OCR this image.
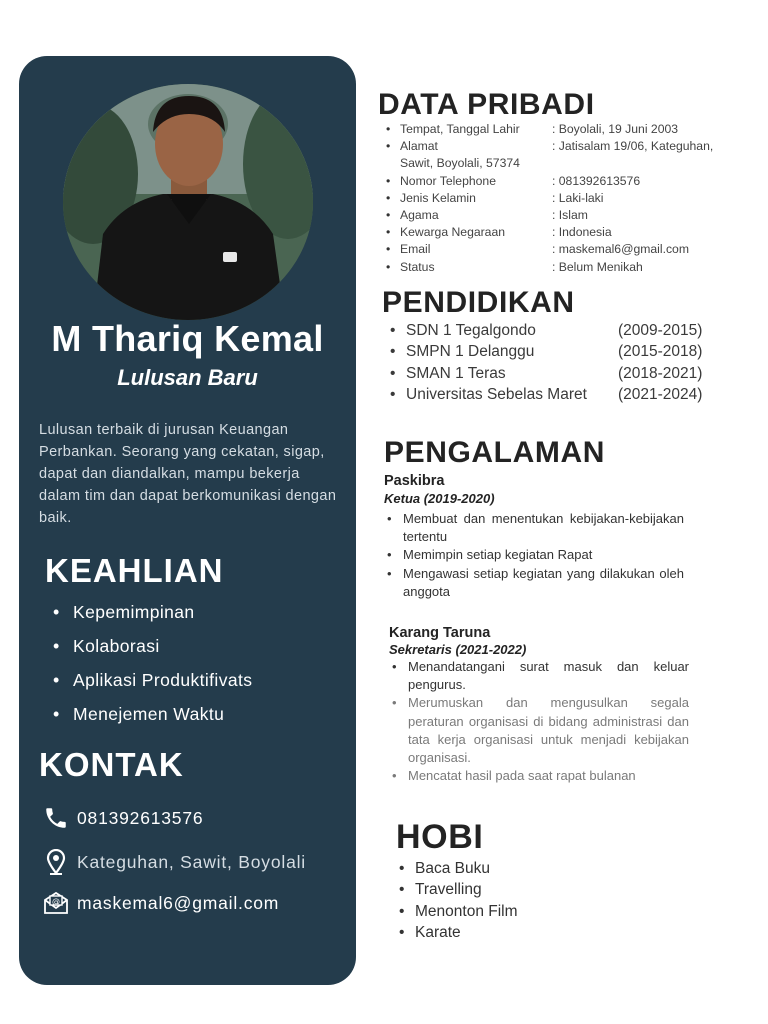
M Thariq Kemal
Lulusan Baru
Lulusan terbaik di jurusan Keuangan Perbankan. Seorang yang cekatan, sigap, dapat dan diandalkan, mampu bekerja dalam tim dan dapat berkomunikasi dengan baik.
KEAHLIAN
• Kepemimpinan
• Kolaborasi
• Aplikasi Produktifivats
• Menejemen Waktu
KONTAK
081392613576
Kateguhan, Sawit, Boyolali
@ maskemal6@gmail.com
DATA PRIBADI
• Tempat, Tanggal Lahir	: Boyolali, 19 Juni 2003
• Alamat	: Jatisalam 19/06, Kateguhan,
Sawit, Boyolali, 57374
• Nomor Telephone	: 081392613576
• Jenis Kelamin	: Laki-laki
• Agama	: Islam
• Kewarga Negaraan	: Indonesia
• Email	: maskemal6@gmail.com
• Status	: Belum Menikah
PENDIDIKAN
• SDN 1 Tegalgondo	(2009-2015)
• SMPN 1 Delanggu	(2015-2018)
• SMAN 1 Teras	(2018-2021)
• Universitas Sebelas Maret (2021-2024)
PENGALAMAN
Paskibra
Ketua (2019-2020)
• Membuat dan menentukan kebijakan-kebijakan tertentu
• Memimpin setiap kegiatan Rapat
• Mengawasi setiap kegiatan yang dilakukan oleh anggota
Karang Taruna
Sekretaris (2021-2022)
• Menandatangani surat masuk dan keluar pengurus.
• Merumuskan dan mengusulkan segala peraturan organisasi di bidang administrasi dan tata kerja organisasi untuk menjadi kebijakan organisasi.
• Mencatat hasil pada saat rapat bulanan
HOBI
• Baca Buku
• Travelling
• Menonton Film
• Karate
